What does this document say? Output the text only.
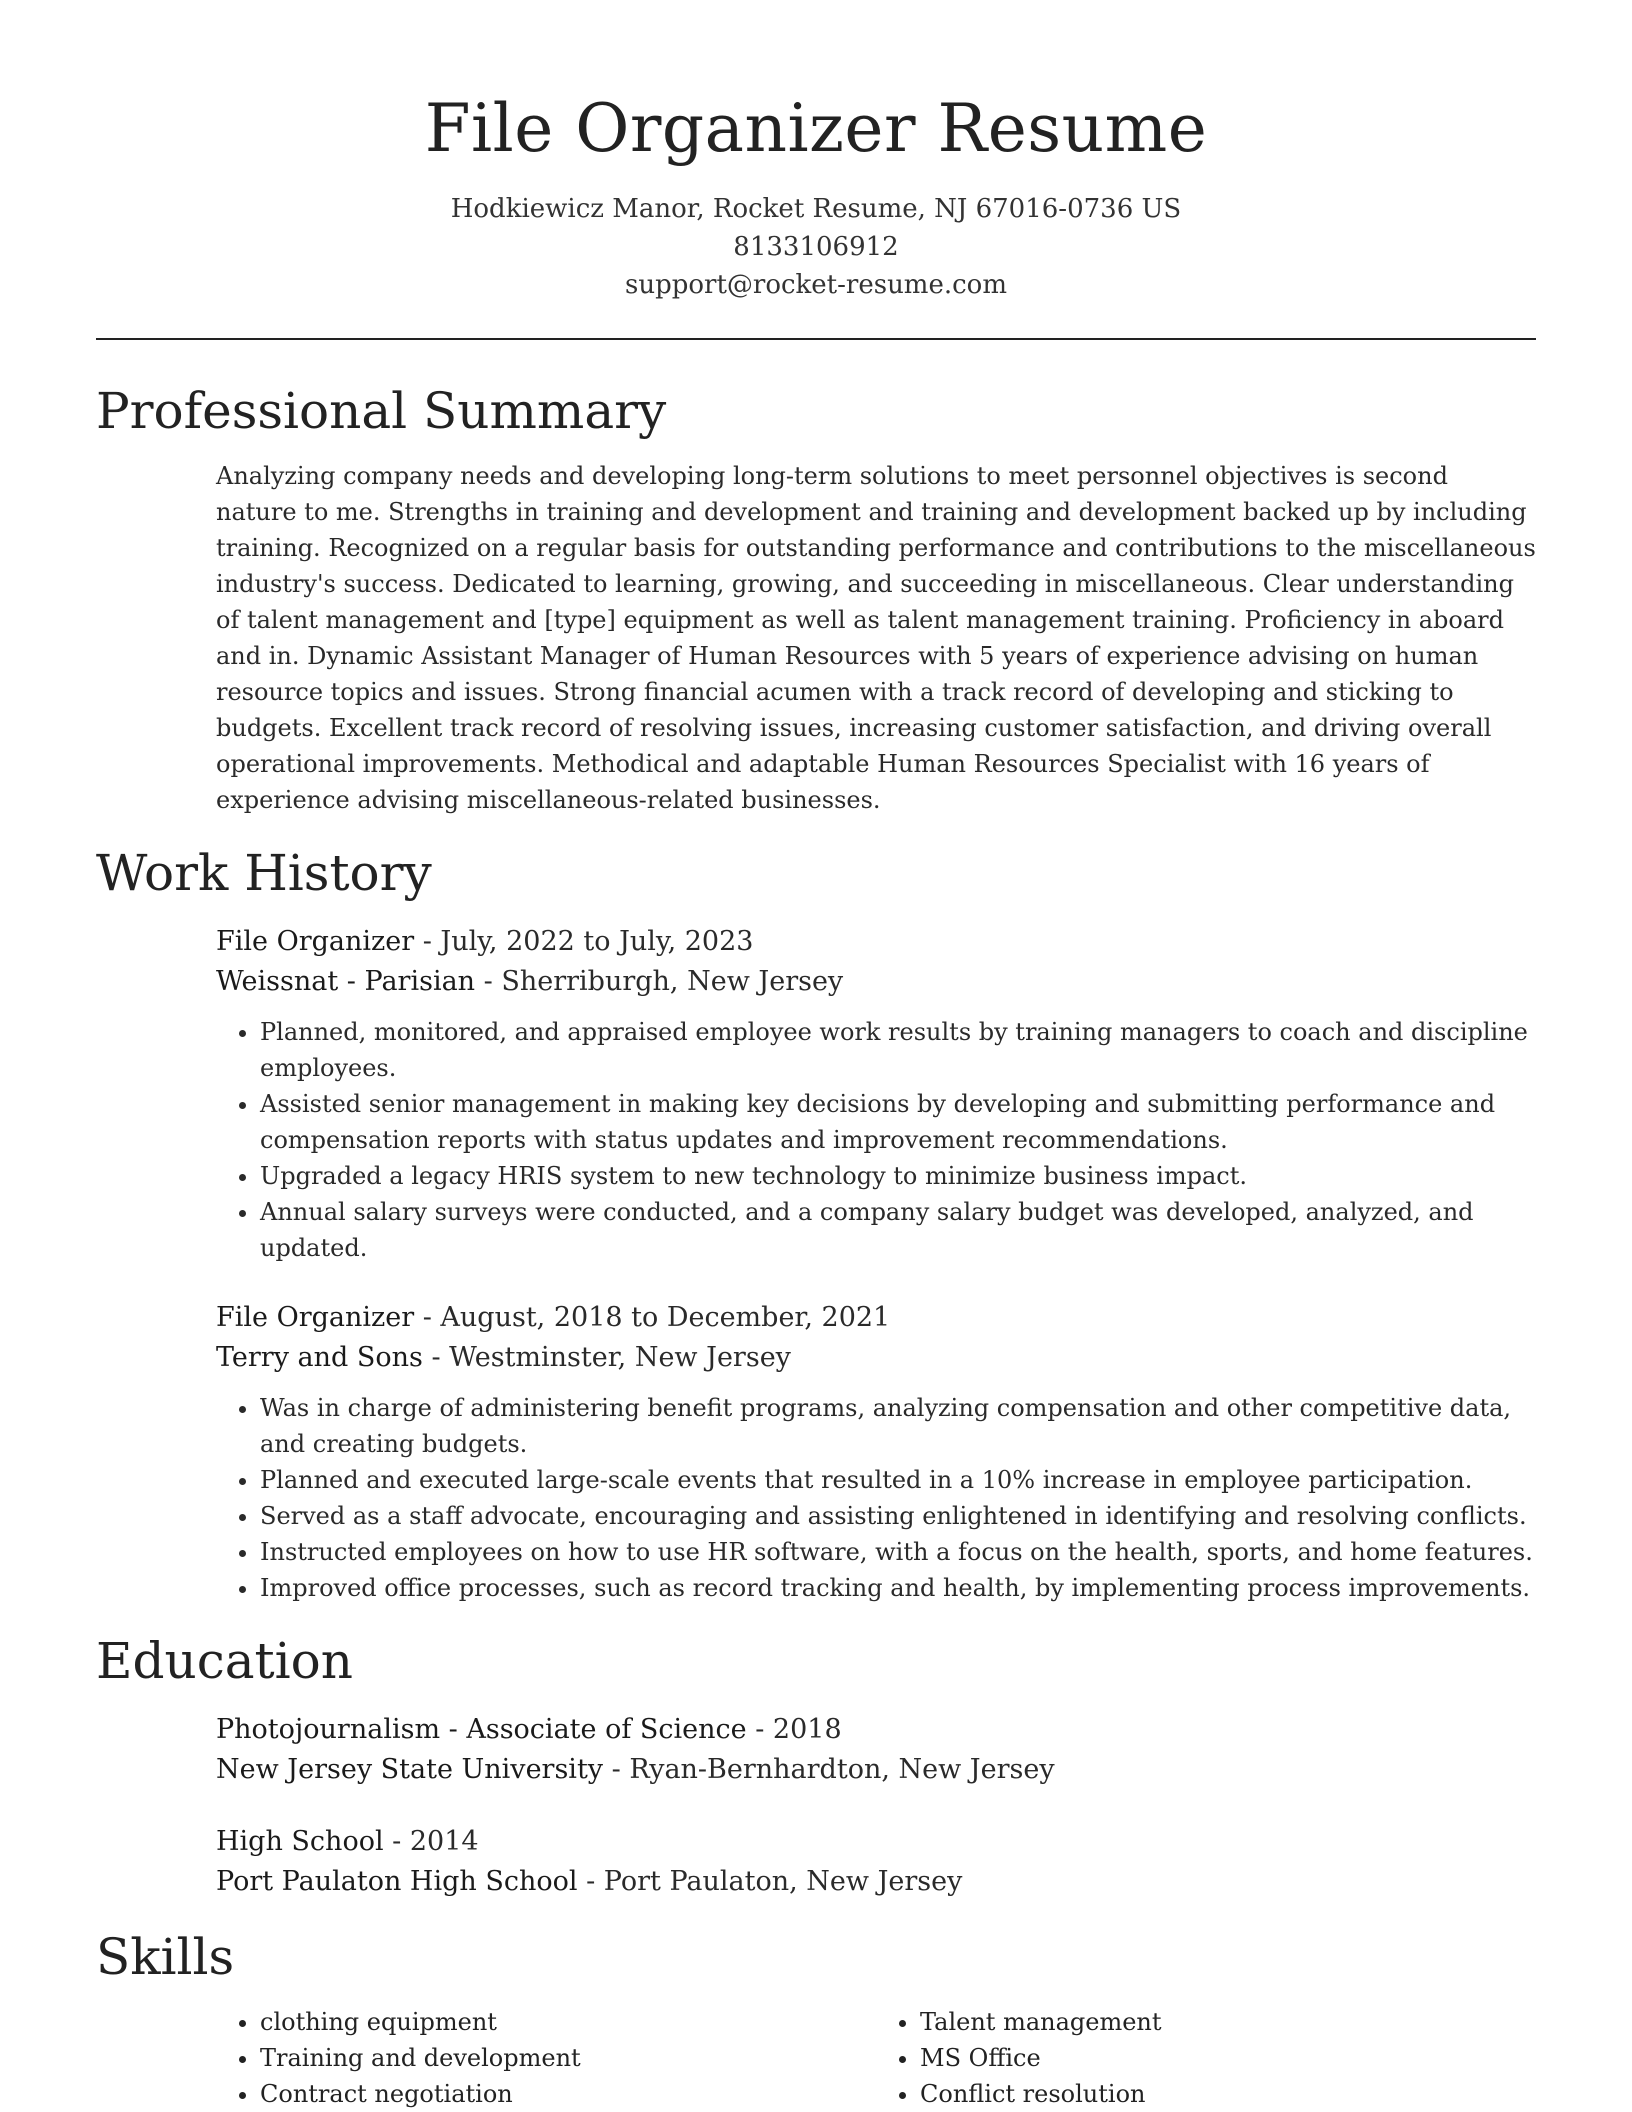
File Organizer Resume
Hodkiewicz Manor, Rocket Resume, NJ 67016-0736 US
8133106912
support@rocket-resume.com
Professional Summary

Analyzing company needs and developing long-term solutions to meet personnel objectives is second nature to me. Strengths in training and development and training and development backed up by including training. Recognized on a regular basis for outstanding performance and contributions to the miscellaneous industry's success. Dedicated to learning, growing, and succeeding in miscellaneous. Clear understanding of talent management and [type] equipment as well as talent management training. Proficiency in aboard and in. Dynamic Assistant Manager of Human Resources with 5 years of experience advising on human resource topics and issues. Strong financial acumen with a track record of developing and sticking to budgets. Excellent track record of resolving issues, increasing customer satisfaction, and driving overall operational improvements. Methodical and adaptable Human Resources Specialist with 16 years of experience advising miscellaneous-related businesses.

Work History
File Organizer - July, 2022 to July, 2023
Weissnat - Parisian - Sherriburgh, New Jersey
• Planned, monitored, and appraised employee work results by training managers to coach and discipline employees.
• Assisted senior management in making key decisions by developing and submitting performance and compensation reports with status updates and improvement recommendations.
• Upgraded a legacy HRIS system to new technology to minimize business impact.
• Annual salary surveys were conducted, and a company salary budget was developed, analyzed, and updated.
File Organizer - August, 2018 to December, 2021
Terry and Sons - Westminster, New Jersey
• Was in charge of administering benefit programs, analyzing compensation and other competitive data, and creating budgets.
• Planned and executed large-scale events that resulted in a 10% increase in employee participation.
• Served as a staff advocate, encouraging and assisting enlightened in identifying and resolving conflicts.
• Instructed employees on how to use HR software, with a focus on the health, sports, and home features.
• Improved office processes, such as record tracking and health, by implementing process improvements.
Education
Photojournalism - Associate of Science - 2018
New Jersey State University - Ryan-Bernhardton, New Jersey
High School - 2014
Port Paulaton High School - Port Paulaton, New Jersey
Skills
• clothing equipment
• Training and development
• Contract negotiation
• Talent management
• MS Office
• Conflict resolution
